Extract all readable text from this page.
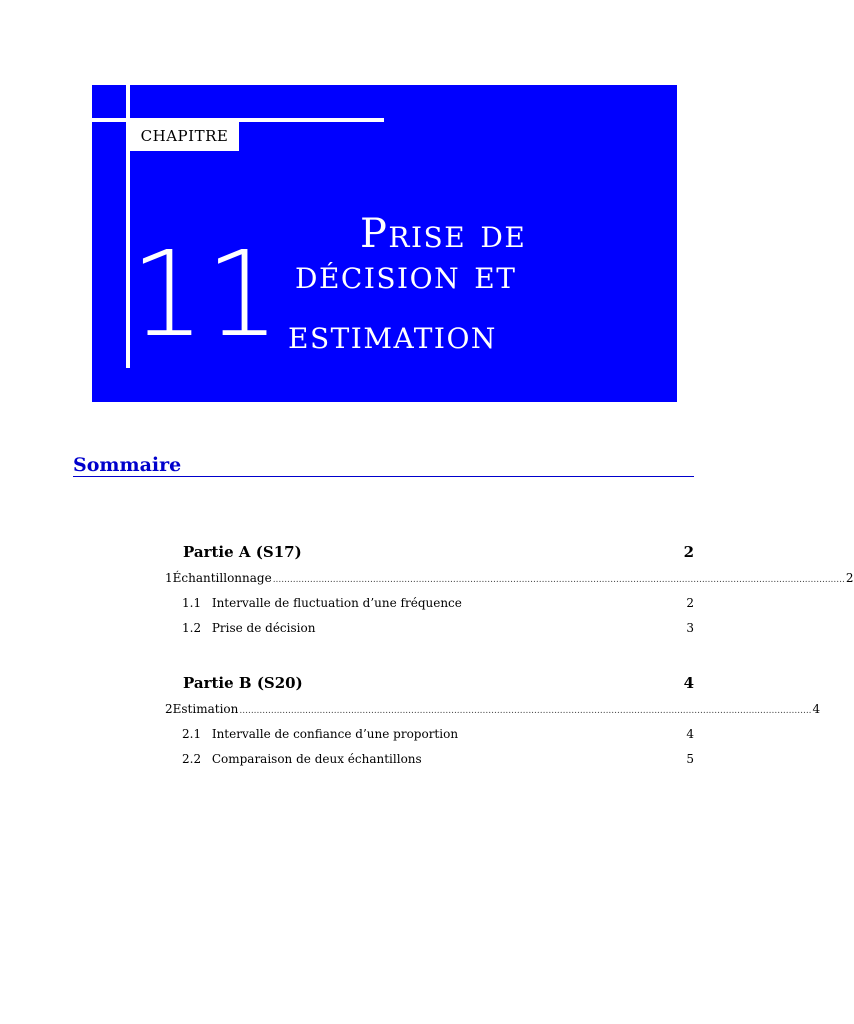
CHAPITRE
11	Prise de
décision et
estimation
Sommaire
Partie A (S17)	2
1 Échantillonnage ........................................................................................................................................................................................................ 2
1.1 Intervalle de fluctuation d’une fréquence	2
1.2 Prise de décision	3
Partie B (S20)	4
2 Estimation ........................................................................................................................................................................................................ 4
2.1 Intervalle de confiance d’une proportion	4
2.2 Comparaison de deux échantillons	5
